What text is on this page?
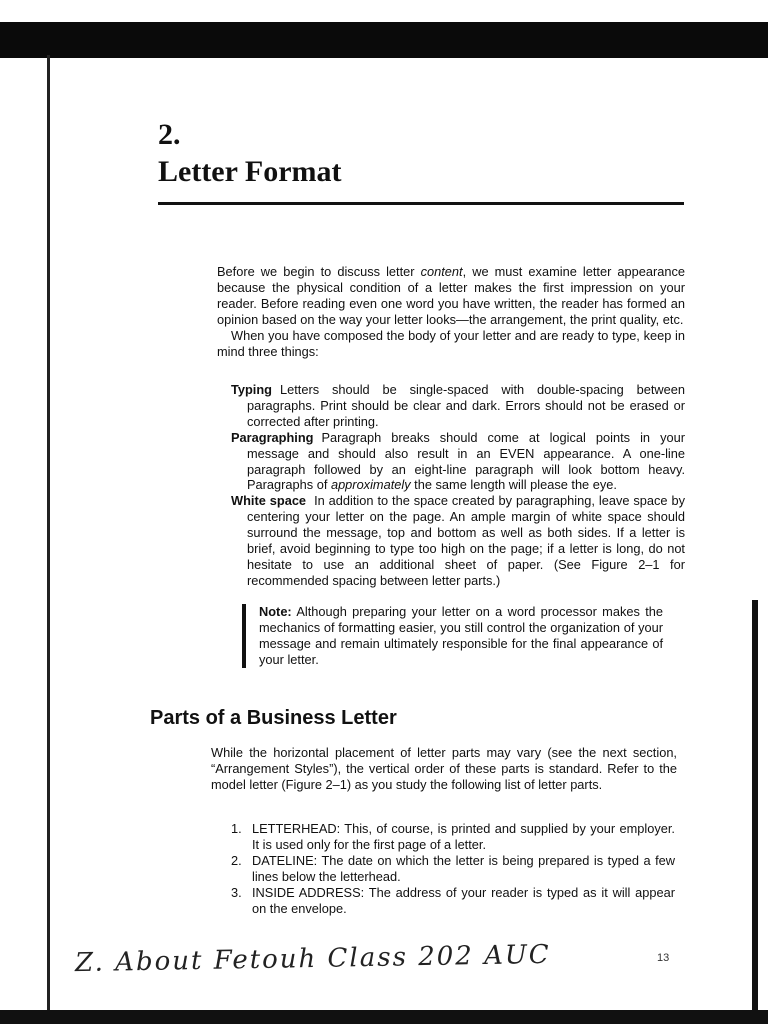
2.
Letter Format

Before we begin to discuss letter content, we must examine letter appearance because the physical condition of a letter makes the first impression on your reader. Before reading even one word you have written, the reader has formed an opinion based on the way your letter looks—the arrangement, the print quality, etc.

When you have composed the body of your letter and are ready to type, keep in mind three things:

Typing Letters should be single-spaced with double-spacing between paragraphs. Print should be clear and dark. Errors should not be erased or corrected after printing.

Paragraphing Paragraph breaks should come at logical points in your message and should also result in an EVEN appearance. A one-line paragraph followed by an eight-line paragraph will look bottom heavy. Paragraphs of approximately the same length will please the eye.

White space In addition to the space created by paragraphing, leave space by centering your letter on the page. An ample margin of white space should surround the message, top and bottom as well as both sides. If a letter is brief, avoid beginning to type too high on the page; if a letter is long, do not hesitate to use an additional sheet of paper. (See Figure 2–1 for recommended spacing between letter parts.)

Note: Although preparing your letter on a word processor makes the mechanics of formatting easier, you still control the organization of your message and remain ultimately responsible for the final appearance of your letter.

Parts of a Business Letter

While the horizontal placement of letter parts may vary (see the next section, “Arrangement Styles”), the vertical order of these parts is standard. Refer to the model letter (Figure 2–1) as you study the following list of letter parts.

1. LETTERHEAD: This, of course, is printed and supplied by your employer. It is used only for the first page of a letter.
2. DATELINE: The date on which the letter is being prepared is typed a few lines below the letterhead.
3. INSIDE ADDRESS: The address of your reader is typed as it will appear on the envelope.
Z. About Fetouh Class 202 AUC	13
